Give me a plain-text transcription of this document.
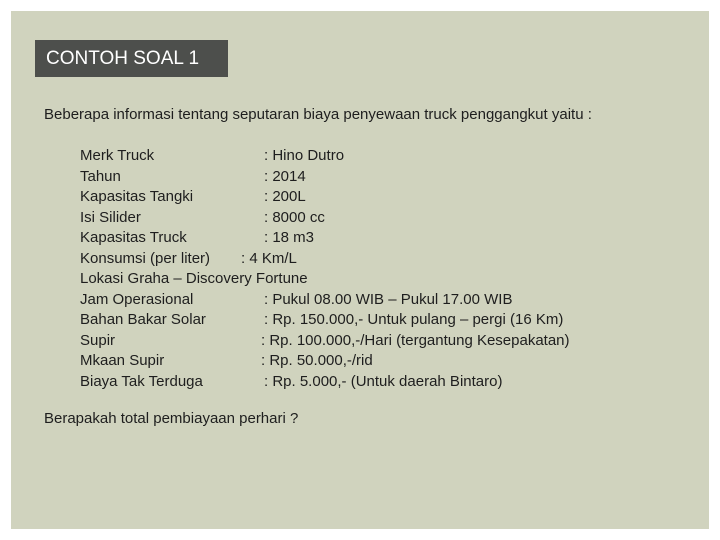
CONTOH SOAL 1
Beberapa informasi tentang seputaran biaya penyewaan truck penggangkut yaitu :
Merk Truck	: Hino Dutro
Tahun	: 2014
Kapasitas Tangki	: 200L
Isi Silider	: 8000 cc
Kapasitas Truck	: 18 m3
Konsumsi (per liter) : 4 Km/L
Lokasi Graha – Discovery Fortune
Jam Operasional	: Pukul 08.00 WIB – Pukul 17.00 WIB
Bahan Bakar Solar	: Rp. 150.000,- Untuk pulang – pergi (16 Km)
Supir	: Rp. 100.000,-/Hari (tergantung Kesepakatan)
Mkaan Supir	: Rp. 50.000,-/rid
Biaya Tak Terduga	: Rp. 5.000,- (Untuk daerah Bintaro)
Berapakah total pembiayaan perhari ?
